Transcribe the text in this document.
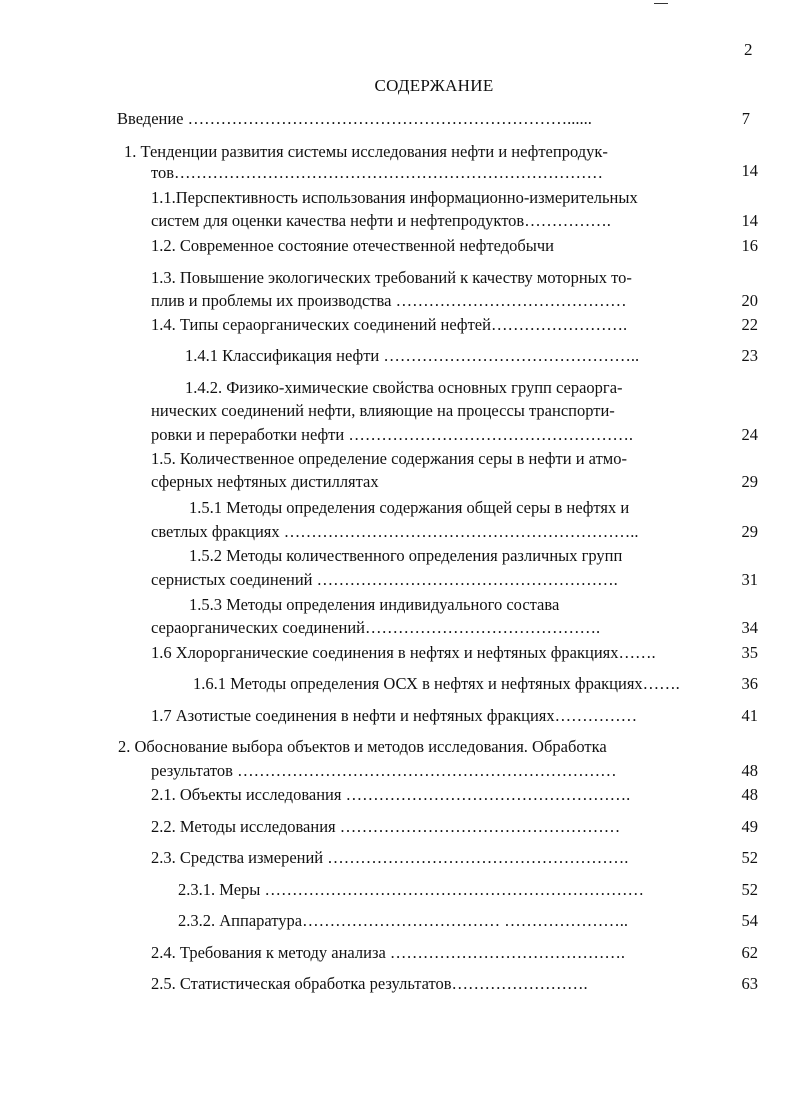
2
СОДЕРЖАНИЕ
Введение ……………………………………………………………......	7
1. Тенденции развития системы исследования нефти и нефтепродук-
тов……………………………………………………………………	14
1.1.Перспективность использования информационно-измерительных
систем для оценки качества нефти и нефтепродуктов…………….	14
1.2. Современное состояние отечественной нефтедобычи	16
1.3. Повышение экологических требований к качеству моторных то-
плив и проблемы их производства ……………………………………	20
1.4. Типы сераорганических соединений нефтей…………………….	22
1.4.1 Классификация нефти ………………………………………..	23
1.4.2. Физико-химические свойства основных групп сераоргa-
нических соединений нефти, влияющие на процессы транспорти-
ровки и переработки нефти …………………………………………….	24
1.5. Количественное определение содержания серы в нефти и атмо-
сферных нефтяных дистиллятах	29
1.5.1 Методы определения содержания общей серы в нефтях и
светлых фракциях ………………………………………………………..	29
1.5.2 Методы количественного определения различных групп
сернистых соединений ……………………………………………….	31
1.5.3 Методы определения индивидуального состава
сераорганических соединений…………………………………….	34
1.6 Хлорорганические соединения в нефтях и нефтяных фракциях…….	35
1.6.1 Методы определения ОСХ в нефтях и нефтяных фракциях…….	36
1.7 Азотистые соединения в нефти и нефтяных фракциях……………	41
2. Обоснование выбора объектов и методов исследования. Обработка
результатов ……………………………………………………………	48
2.1. Объекты исследования …………………………………………….	48
2.2. Методы исследования ……………………………………………	49
2.3. Средства измерений ……………………………………………….	52
2.3.1. Меры ……………………………………………………………	52
2.3.2. Аппаратура……………………………… …………………..	54
2.4. Требования к методу анализа …………………………………….	62
2.5. Статистическая обработка результатов…………………….	63
